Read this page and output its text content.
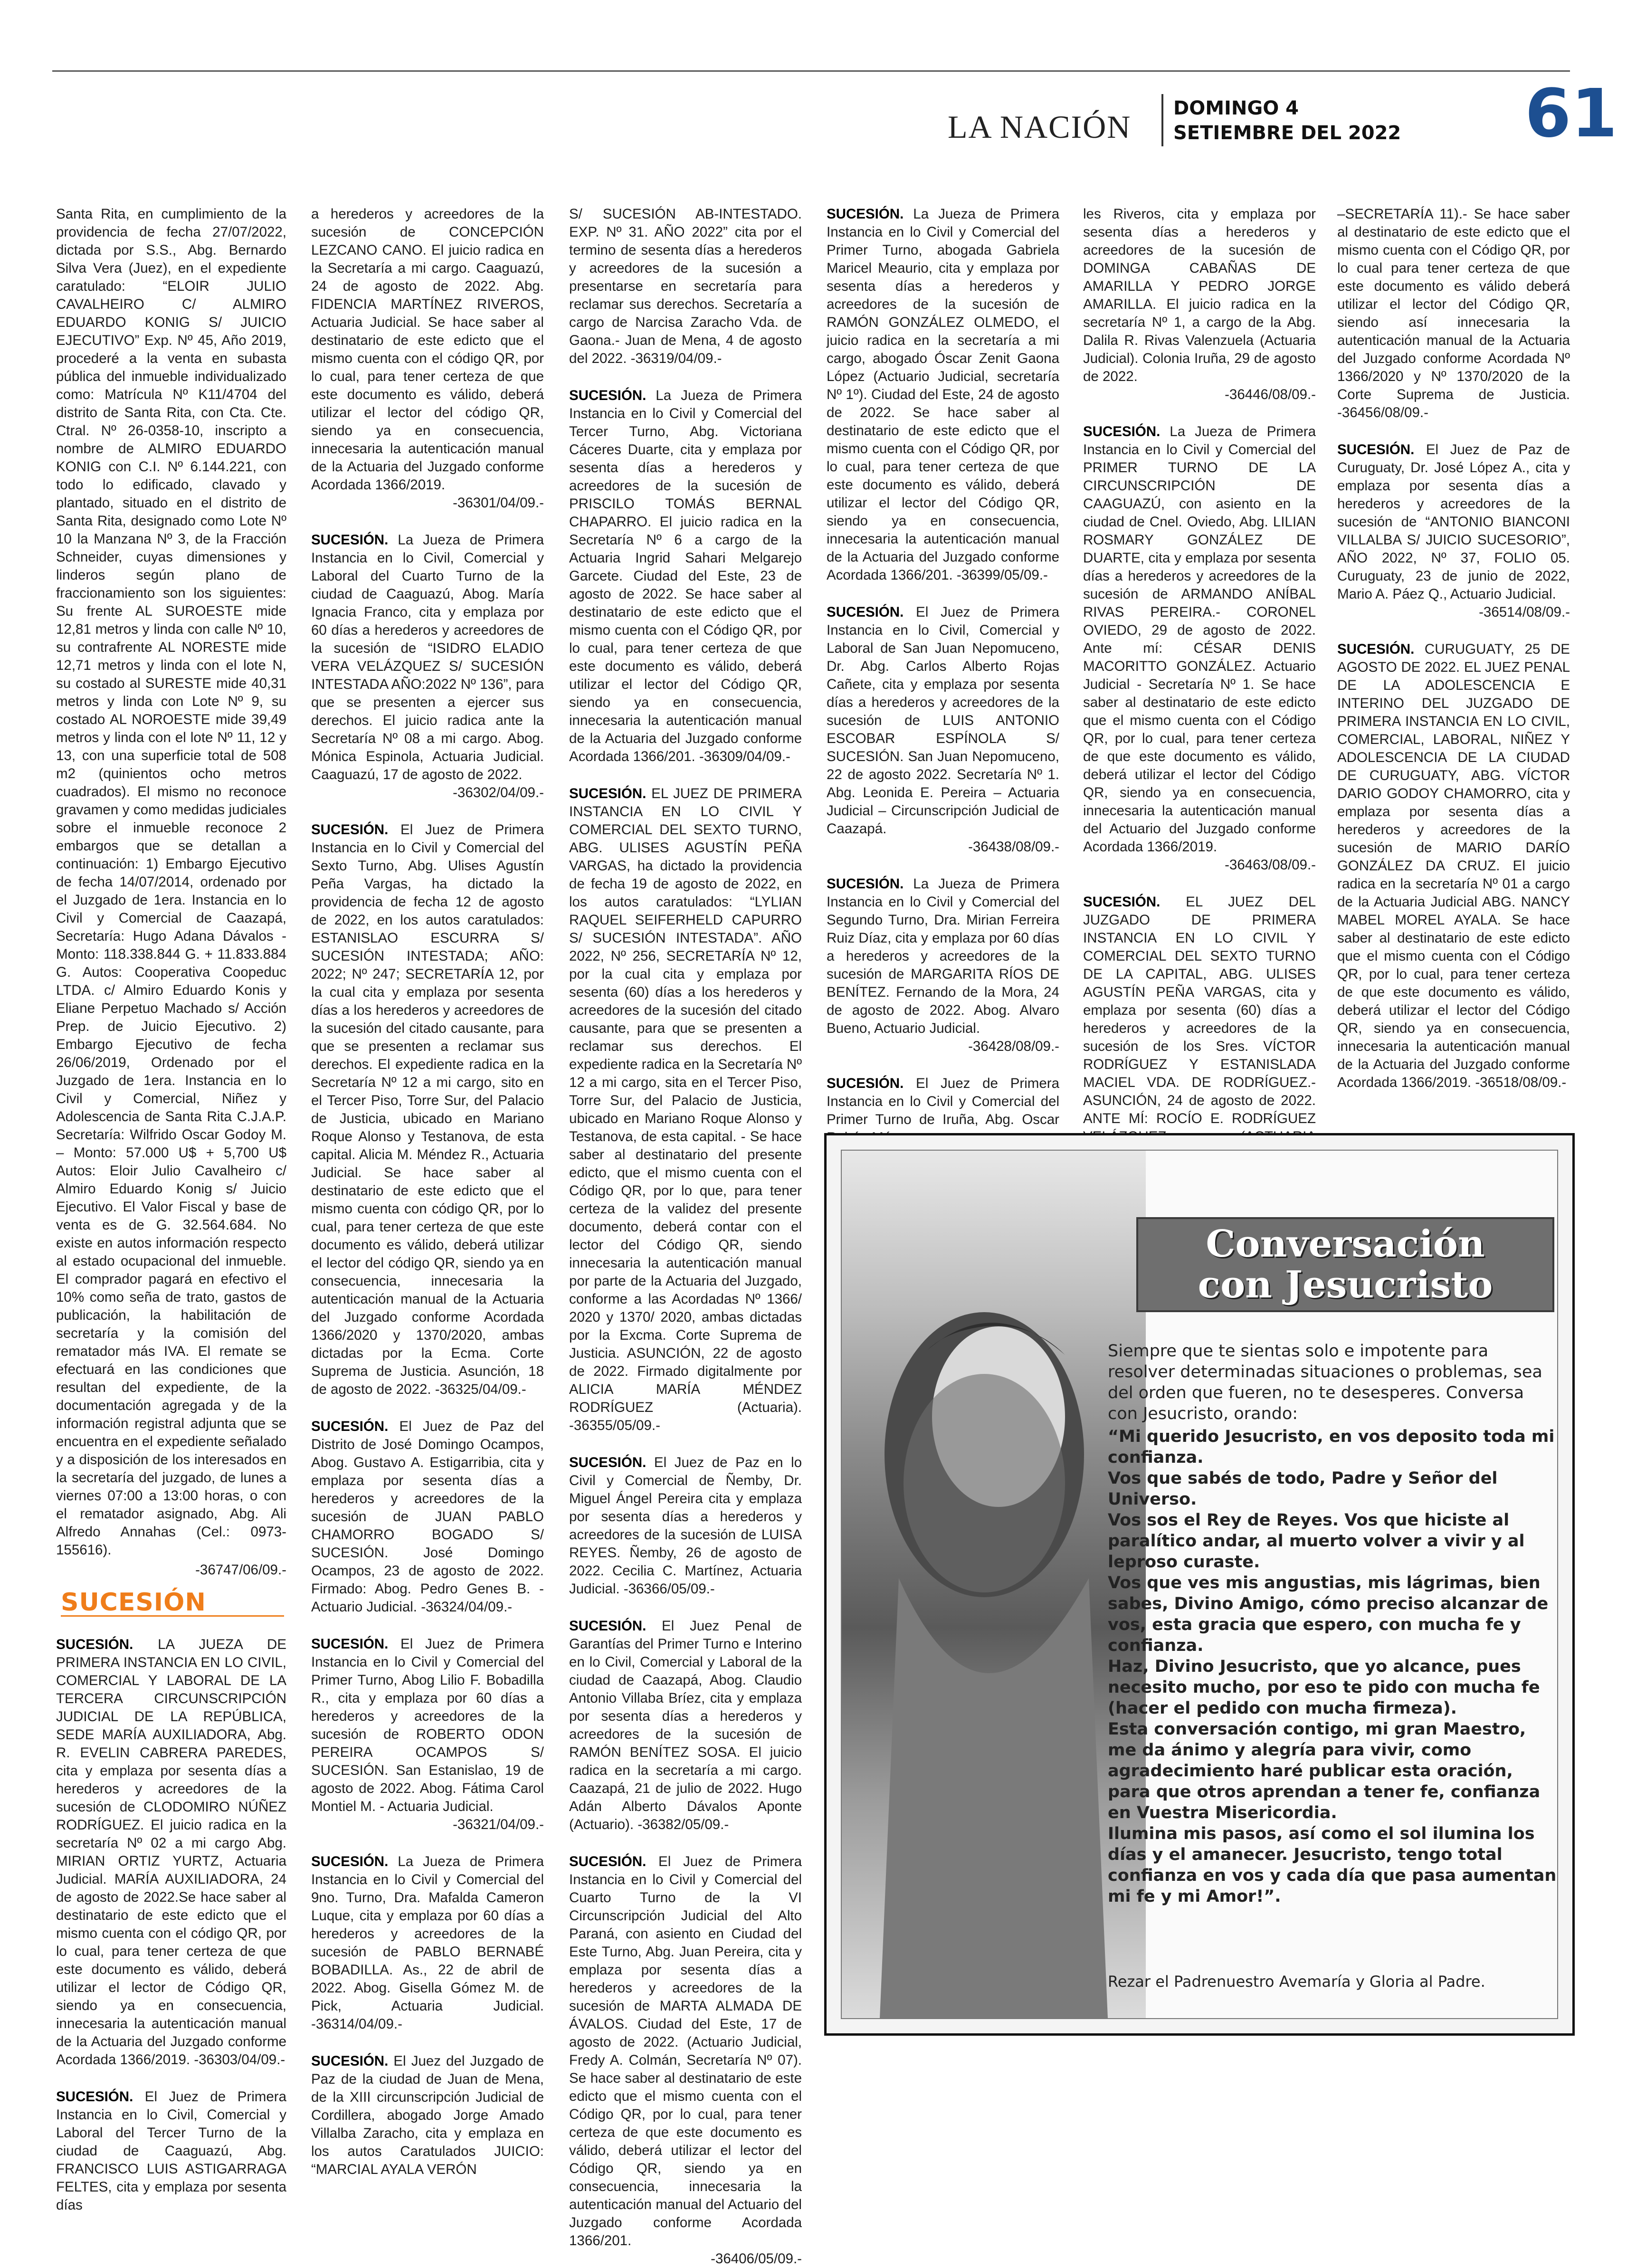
LA NACIÓN
DOMINGO 4
SETIEMBRE DEL 2022 61

Santa Rita, en cumplimiento de la providencia de fecha 27/07/2022, dictada por S.S., Abg. Bernardo Silva Vera (Juez), en el expediente caratulado: “ELOIR JULIO CAVALHEIRO C/ ALMIRO EDUARDO KONIG S/ JUICIO EJECUTIVO” Exp. Nº 45, Año 2019, procederé a la venta en subasta pública del inmueble individualizado como: Matrícula Nº K11/4704 del distrito de Santa Rita, con Cta. Cte. Ctral. Nº 26-0358-10, inscripto a nombre de ALMIRO EDUARDO KONIG con C.I. Nº 6.144.221, con todo lo edificado, clavado y plantado, situado en el distrito de Santa Rita, designado como Lote Nº 10 la Manzana Nº 3, de la Fracción Schneider, cuyas dimensiones y linderos según plano de fraccionamiento son los siguientes: Su frente AL SUROESTE mide 12,81 metros y linda con calle Nº 10, su contrafrente AL NORESTE mide 12,71 metros y linda con el lote N, su costado al SURESTE mide 40,31 metros y linda con Lote Nº 9, su costado AL NOROESTE mide 39,49 metros y linda con el lote Nº 11, 12 y 13, con una superficie total de 508 m2 (quinientos ocho metros cuadrados). El mismo no reconoce gravamen y como medidas judiciales sobre el inmueble reconoce 2 embargos que se detallan a continuación: 1) Embargo Ejecutivo de fecha 14/07/2014, ordenado por el Juzgado de 1era. Instancia en lo Civil y Comercial de Caazapá, Secretaría: Hugo Adana Dávalos - Monto: 118.338.844 G. + 11.833.884 G. Autos: Cooperativa Coopeduc LTDA. c/ Almiro Eduardo Konis y Eliane Perpetuo Machado s/ Acción Prep. de Juicio Ejecutivo. 2) Embargo Ejecutivo de fecha 26/06/2019, Ordenado por el Juzgado de 1era. Instancia en lo Civil y Comercial, Niñez y Adolescencia de Santa Rita C.J.A.P. Secretaría: Wilfrido Oscar Godoy M. – Monto: 57.000 U$ + 5,700 U$ Autos: Eloir Julio Cavalheiro c/ Almiro Eduardo Konig s/ Juicio Ejecutivo. El Valor Fiscal y base de venta es de G. 32.564.684. No existe en autos información respecto al estado ocupacional del inmueble. El comprador pagará en efectivo el 10% como seña de trato, gastos de publicación, la habilitación de secretaría y la comisión del rematador más IVA. El remate se efectuará en las condiciones que resultan del expediente, de la documentación agregada y de la información registral adjunta que se encuentra en el expediente señalado y a disposición de los interesados en la secretaría del juzgado, de lunes a viernes 07:00 a 13:00 horas, o con el rematador asignado, Abg. Ali Alfredo Annahas (Cel.: 0973-155616).

-36747/06/09.-
SUCESIÓN

SUCESIÓN. LA JUEZA DE PRIMERA INSTANCIA EN LO CIVIL, COMERCIAL Y LABORAL DE LA TERCERA CIRCUNSCRIPCIÓN JUDICIAL DE LA REPÚBLICA, SEDE MARÍA AUXILIADORA, Abg. R. EVELIN CABRERA PAREDES, cita y emplaza por sesenta días a herederos y acreedores de la sucesión de CLODOMIRO NÚÑEZ RODRÍGUEZ. El juicio radica en la secretaría Nº 02 a mi cargo Abg. MIRIAN ORTIZ YURTZ, Actuaria Judicial. MARÍA AUXILIADORA, 24 de agosto de 2022.Se hace saber al destinatario de este edicto que el mismo cuenta con el código QR, por lo cual, para tener certeza de que este documento es válido, deberá utilizar el lector de Código QR, siendo ya en consecuencia, innecesaria la autenticación manual de la Actuaria del Juzgado conforme Acordada 1366/2019. -36303/04/09.-

SUCESIÓN. El Juez de Primera Instancia en lo Civil, Comercial y Laboral del Tercer Turno de la ciudad de Caaguazú, Abg. FRANCISCO LUIS ASTIGARRAGA FELTES, cita y emplaza por sesenta días

a herederos y acreedores de la sucesión de CONCEPCIÓN LEZCANO CANO. El juicio radica en la Secretaría a mi cargo. Caaguazú, 24 de agosto de 2022. Abg. FIDENCIA MARTÍNEZ RIVEROS, Actuaria Judicial. Se hace saber al destinatario de este edicto que el mismo cuenta con el código QR, por lo cual, para tener certeza de que este documento es válido, deberá utilizar el lector del código QR, siendo ya en consecuencia, innecesaria la autenticación manual de la Actuaria del Juzgado conforme Acordada 1366/2019.

-36301/04/09.-

SUCESIÓN. La Jueza de Primera Instancia en lo Civil, Comercial y Laboral del Cuarto Turno de la ciudad de Caaguazú, Abog. María Ignacia Franco, cita y emplaza por 60 días a herederos y acreedores de la sucesión de “ISIDRO ELADIO VERA VELÁZQUEZ S/ SUCESIÓN INTESTADA AÑO:2022 Nº 136”, para que se presenten a ejercer sus derechos. El juicio radica ante la Secretaría Nº 08 a mi cargo. Abog. Mónica Espinola, Actuaria Judicial. Caaguazú, 17 de agosto de 2022.

-36302/04/09.-

SUCESIÓN. El Juez de Primera Instancia en lo Civil y Comercial del Sexto Turno, Abg. Ulises Agustín Peña Vargas, ha dictado la providencia de fecha 12 de agosto de 2022, en los autos caratulados: ESTANISLAO ESCURRA S/ SUCESIÓN INTESTADA; AÑO: 2022; Nº 247; SECRETARÍA 12, por la cual cita y emplaza por sesenta días a los herederos y acreedores de la sucesión del citado causante, para que se presenten a reclamar sus derechos. El expediente radica en la Secretaría Nº 12 a mi cargo, sito en el Tercer Piso, Torre Sur, del Palacio de Justicia, ubicado en Mariano Roque Alonso y Testanova, de esta capital. Alicia M. Méndez R., Actuaria Judicial. Se hace saber al destinatario de este edicto que el mismo cuenta con código QR, por lo cual, para tener certeza de que este documento es válido, deberá utilizar el lector del código QR, siendo ya en consecuencia, innecesaria la autenticación manual de la Actuaria del Juzgado conforme Acordada 1366/2020 y 1370/2020, ambas dictadas por la Ecma. Corte Suprema de Justicia. Asunción, 18 de agosto de 2022. -36325/04/09.-

SUCESIÓN. El Juez de Paz del Distrito de José Domingo Ocampos, Abog. Gustavo A. Estigarribia, cita y emplaza por sesenta días a herederos y acreedores de la sucesión de JUAN PABLO CHAMORRO BOGADO S/ SUCESIÓN. José Domingo Ocampos, 23 de agosto de 2022. Firmado: Abog. Pedro Genes B. - Actuario Judicial. -36324/04/09.-

SUCESIÓN. El Juez de Primera Instancia en lo Civil y Comercial del Primer Turno, Abog Lilio F. Bobadilla R., cita y emplaza por 60 días a herederos y acreedores de la sucesión de ROBERTO ODON PEREIRA OCAMPOS S/ SUCESIÓN. San Estanislao, 19 de agosto de 2022. Abog. Fátima Carol Montiel M. - Actuaria Judicial.

-36321/04/09.-

SUCESIÓN. La Jueza de Primera Instancia en lo Civil y Comercial del 9no. Turno, Dra. Mafalda Cameron Luque, cita y emplaza por 60 días a herederos y acreedores de la sucesión de PABLO BERNABÉ BOBADILLA. As., 22 de abril de 2022. Abog. Gisella Gómez M. de Pick, Actuaria Judicial. -36314/04/09.-

SUCESIÓN. El Juez del Juzgado de Paz de la ciudad de Juan de Mena, de la XIII circunscripción Judicial de Cordillera, abogado Jorge Amado Villalba Zaracho, cita y emplaza en los autos Caratulados JUICIO: “MARCIAL AYALA VERÓN

S/ SUCESIÓN AB-INTESTADO. EXP. Nº 31. AÑO 2022” cita por el termino de sesenta días a herederos y acreedores de la sucesión a presentarse en secretaría para reclamar sus derechos. Secretaría a cargo de Narcisa Zaracho Vda. de Gaona.- Juan de Mena, 4 de agosto del 2022. -36319/04/09.-

SUCESIÓN. La Jueza de Primera Instancia en lo Civil y Comercial del Tercer Turno, Abg. Victoriana Cáceres Duarte, cita y emplaza por sesenta días a herederos y acreedores de la sucesión de PRISCILO TOMÁS BERNAL CHAPARRO. El juicio radica en la Secretaría Nº 6 a cargo de la Actuaria Ingrid Sahari Melgarejo Garcete. Ciudad del Este, 23 de agosto de 2022. Se hace saber al destinatario de este edicto que el mismo cuenta con el Código QR, por lo cual, para tener certeza de que este documento es válido, deberá utilizar el lector del Código QR, siendo ya en consecuencia, innecesaria la autenticación manual de la Actuaria del Juzgado conforme Acordada 1366/201. -36309/04/09.-

SUCESIÓN. EL JUEZ DE PRIMERA INSTANCIA EN LO CIVIL Y COMERCIAL DEL SEXTO TURNO, ABG. ULISES AGUSTÍN PEÑA VARGAS, ha dictado la providencia de fecha 19 de agosto de 2022, en los autos caratulados: “LYLIAN RAQUEL SEIFERHELD CAPURRO S/ SUCESIÓN INTESTADA”. AÑO 2022, Nº 256, SECRETARÍA Nº 12, por la cual cita y emplaza por sesenta (60) días a los herederos y acreedores de la sucesión del citado causante, para que se presenten a reclamar sus derechos. El expediente radica en la Secretaría Nº 12 a mi cargo, sita en el Tercer Piso, Torre Sur, del Palacio de Justicia, ubicado en Mariano Roque Alonso y Testanova, de esta capital. - Se hace saber al destinatario del presente edicto, que el mismo cuenta con el Código QR, por lo que, para tener certeza de la validez del presente documento, deberá contar con el lector del Código QR, siendo innecesaria la autenticación manual por parte de la Actuaria del Juzgado, conforme a las Acordadas Nº 1366/ 2020 y 1370/ 2020, ambas dictadas por la Excma. Corte Suprema de Justicia. ASUNCIÓN, 22 de agosto de 2022. Firmado digitalmente por ALICIA MARÍA MÉNDEZ RODRÍGUEZ (Actuaria). -36355/05/09.-

SUCESIÓN. El Juez de Paz en lo Civil y Comercial de Ñemby, Dr. Miguel Ángel Pereira cita y emplaza por sesenta días a herederos y acreedores de la sucesión de LUISA REYES. Ñemby, 26 de agosto de 2022. Cecilia C. Martínez, Actuaria Judicial. -36366/05/09.-

SUCESIÓN. El Juez Penal de Garantías del Primer Turno e Interino en lo Civil, Comercial y Laboral de la ciudad de Caazapá, Abog. Claudio Antonio Villaba Bríez, cita y emplaza por sesenta días a herederos y acreedores de la sucesión de RAMÓN BENÍTEZ SOSA. El juicio radica en la secretaría a mi cargo. Caazapá, 21 de julio de 2022. Hugo Adán Alberto Dávalos Aponte (Actuario). -36382/05/09.-

SUCESIÓN. El Juez de Primera Instancia en lo Civil y Comercial del Cuarto Turno de la VI Circunscripción Judicial del Alto Paraná, con asiento en Ciudad del Este Turno, Abg. Juan Pereira, cita y emplaza por sesenta días a herederos y acreedores de la sucesión de MARTA ALMADA DE ÁVALOS. Ciudad del Este, 17 de agosto de 2022. (Actuario Judicial, Fredy A. Colmán, Secretaría Nº 07). Se hace saber al destinatario de este edicto que el mismo cuenta con el Código QR, por lo cual, para tener certeza de que este documento es válido, deberá utilizar el lector del Código QR, siendo ya en consecuencia, innecesaria la autenticación manual del Actuario del Juzgado conforme Acordada 1366/201.

-36406/05/09.-

SUCESIÓN. La Jueza de Primera Instancia en lo Civil y Comercial del Primer Turno, abogada Gabriela Maricel Meaurio, cita y emplaza por sesenta días a herederos y acreedores de la sucesión de RAMÓN GONZÁLEZ OLMEDO, el juicio radica en la secretaría a mi cargo, abogado Óscar Zenit Gaona López (Actuario Judicial, secretaría Nº 1º). Ciudad del Este, 24 de agosto de 2022. Se hace saber al destinatario de este edicto que el mismo cuenta con el Código QR, por lo cual, para tener certeza de que este documento es válido, deberá utilizar el lector del Código QR, siendo ya en consecuencia, innecesaria la autenticación manual de la Actuaria del Juzgado conforme Acordada 1366/201. -36399/05/09.-

SUCESIÓN. El Juez de Primera Instancia en lo Civil, Comercial y Laboral de San Juan Nepomuceno, Dr. Abg. Carlos Alberto Rojas Cañete, cita y emplaza por sesenta días a herederos y acreedores de la sucesión de LUIS ANTONIO ESCOBAR ESPÍNOLA S/ SUCESIÓN. San Juan Nepomuceno, 22 de agosto 2022. Secretaría Nº 1. Abg. Leonida E. Pereira – Actuaria Judicial – Circunscripción Judicial de Caazapá.

-36438/08/09.-

SUCESIÓN. La Jueza de Primera Instancia en lo Civil y Comercial del Segundo Turno, Dra. Mirian Ferreira Ruiz Díaz, cita y emplaza por 60 días a herederos y acreedores de la sucesión de MARGARITA RÍOS DE BENÍTEZ. Fernando de la Mora, 24 de agosto de 2022. Abog. Alvaro Bueno, Actuario Judicial.

-36428/08/09.-

SUCESIÓN. El Juez de Primera Instancia en lo Civil y Comercial del Primer Turno de Iruña, Abg. Oscar

les Riveros, cita y emplaza por sesenta días a herederos y acreedores de la sucesión de DOMINGA CABAÑAS DE AMARILLA Y PEDRO JORGE AMARILLA. El juicio radica en la secretaría Nº 1, a cargo de la Abg. Dalila R. Rivas Valenzuela (Actuaria Judicial). Colonia Iruña, 29 de agosto de 2022.

-36446/08/09.-

SUCESIÓN. La Jueza de Primera Instancia en lo Civil y Comercial del PRIMER TURNO DE LA CIRCUNSCRIPCIÓN DE CAAGUAZÚ, con asiento en la ciudad de Cnel. Oviedo, Abg. LILIAN ROSMARY GONZÁLEZ DE DUARTE, cita y emplaza por sesenta días a herederos y acreedores de la sucesión de ARMANDO ANÍBAL RIVAS PEREIRA.- CORONEL OVIEDO, 29 de agosto de 2022. Ante mí: CÉSAR DENIS MACORITTO GONZÁLEZ. Actuario Judicial - Secretaría Nº 1. Se hace saber al destinatario de este edicto que el mismo cuenta con el Código QR, por lo cual, para tener certeza de que este documento es válido, deberá utilizar el lector del Código QR, siendo ya en consecuencia, innecesaria la autenticación manual del Actuario del Juzgado conforme Acordada 1366/2019.

-36463/08/09.-

SUCESIÓN. EL JUEZ DEL JUZGADO DE PRIMERA INSTANCIA EN LO CIVIL Y COMERCIAL DEL SEXTO TURNO DE LA CAPITAL, ABG. ULISES AGUSTÍN PEÑA VARGAS, cita y emplaza por sesenta (60) días a herederos y acreedores de la sucesión de los Sres. VÍCTOR RODRÍGUEZ Y ESTANISLADA MACIEL VDA. DE RODRÍGUEZ.- ASUNCIÓN, 24 de agosto de 2022. ANTE MÍ: ROCÍO E. RODRÍGUEZ

–SECRETARÍA 11).- Se hace saber al destinatario de este edicto que el mismo cuenta con el Código QR, por lo cual para tener certeza de que este documento es válido deberá utilizar el lector del Código QR, siendo así innecesaria la autenticación manual de la Actuaria del Juzgado conforme Acordada Nº 1366/2020 y Nº 1370/2020 de la Corte Suprema de Justicia. -36456/08/09.-

SUCESIÓN. El Juez de Paz de Curuguaty, Dr. José López A., cita y emplaza por sesenta días a herederos y acreedores de la sucesión de “ANTONIO BIANCONI VILLALBA S/ JUICIO SUCESORIO”, AÑO 2022, Nº 37, FOLIO 05. Curuguaty, 23 de junio de 2022, Mario A. Páez Q., Actuario Judicial.

-36514/08/09.-

SUCESIÓN. CURUGUATY, 25 DE AGOSTO DE 2022. EL JUEZ PENAL DE LA ADOLESCENCIA E INTERINO DEL JUZGADO DE PRIMERA INSTANCIA EN LO CIVIL, COMERCIAL, LABORAL, NIÑEZ Y ADOLESCENCIA DE LA CIUDAD DE CURUGUATY, ABG. VÍCTOR DARIO GODOY CHAMORRO, cita y emplaza por sesenta días a herederos y acreedores de la sucesión de MARIO DARÍO GONZÁLEZ DA CRUZ. El juicio radica en la secretaría Nº 01 a cargo de la Actuaria Judicial ABG. NANCY MABEL MOREL AYALA. Se hace saber al destinatario de este edicto que el mismo cuenta con el Código QR, por lo cual, para tener certeza de que este documento es válido, deberá utilizar el lector del Código QR, siendo ya en consecuencia, innecesaria la autenticación manual de la Actuaria del Juzgado conforme Acordada 1366/2019. -36518/08/09.-

Conversación
con Jesucristo
Siempre que te sientas solo e impotente para resolver determinadas situaciones o problemas, sea del orden que fueren, no te desesperes. Conversa con Jesucristo, orando:

“Mi querido Jesucristo, en vos deposito toda mi confianza.

Vos que sabés de todo, Padre y Señor del Universo.

Vos sos el Rey de Reyes. Vos que hiciste al paralítico andar, al muerto volver a vivir y al leproso curaste.

Vos que ves mis angustias, mis lágrimas, bien sabes, Divino Amigo, cómo preciso alcanzar de vos, esta gracia que espero, con mucha fe y confianza.

Haz, Divino Jesucristo, que yo alcance, pues necesito mucho, por eso te pido con mucha fe (hacer el pedido con mucha firmeza).

Esta conversación contigo, mi gran Maestro, me da ánimo y alegría para vivir, como agradecimiento haré publicar esta oración, para que otros aprendan a tener fe, confianza en Vuestra Misericordia.

Ilumina mis pasos, así como el sol ilumina los días y el amanecer. Jesucristo, tengo total confianza en vos y cada día que pasa aumentan mi fe y mi Amor!”.

Rezar el Padrenuestro Avemaría y Gloria al Padre.
